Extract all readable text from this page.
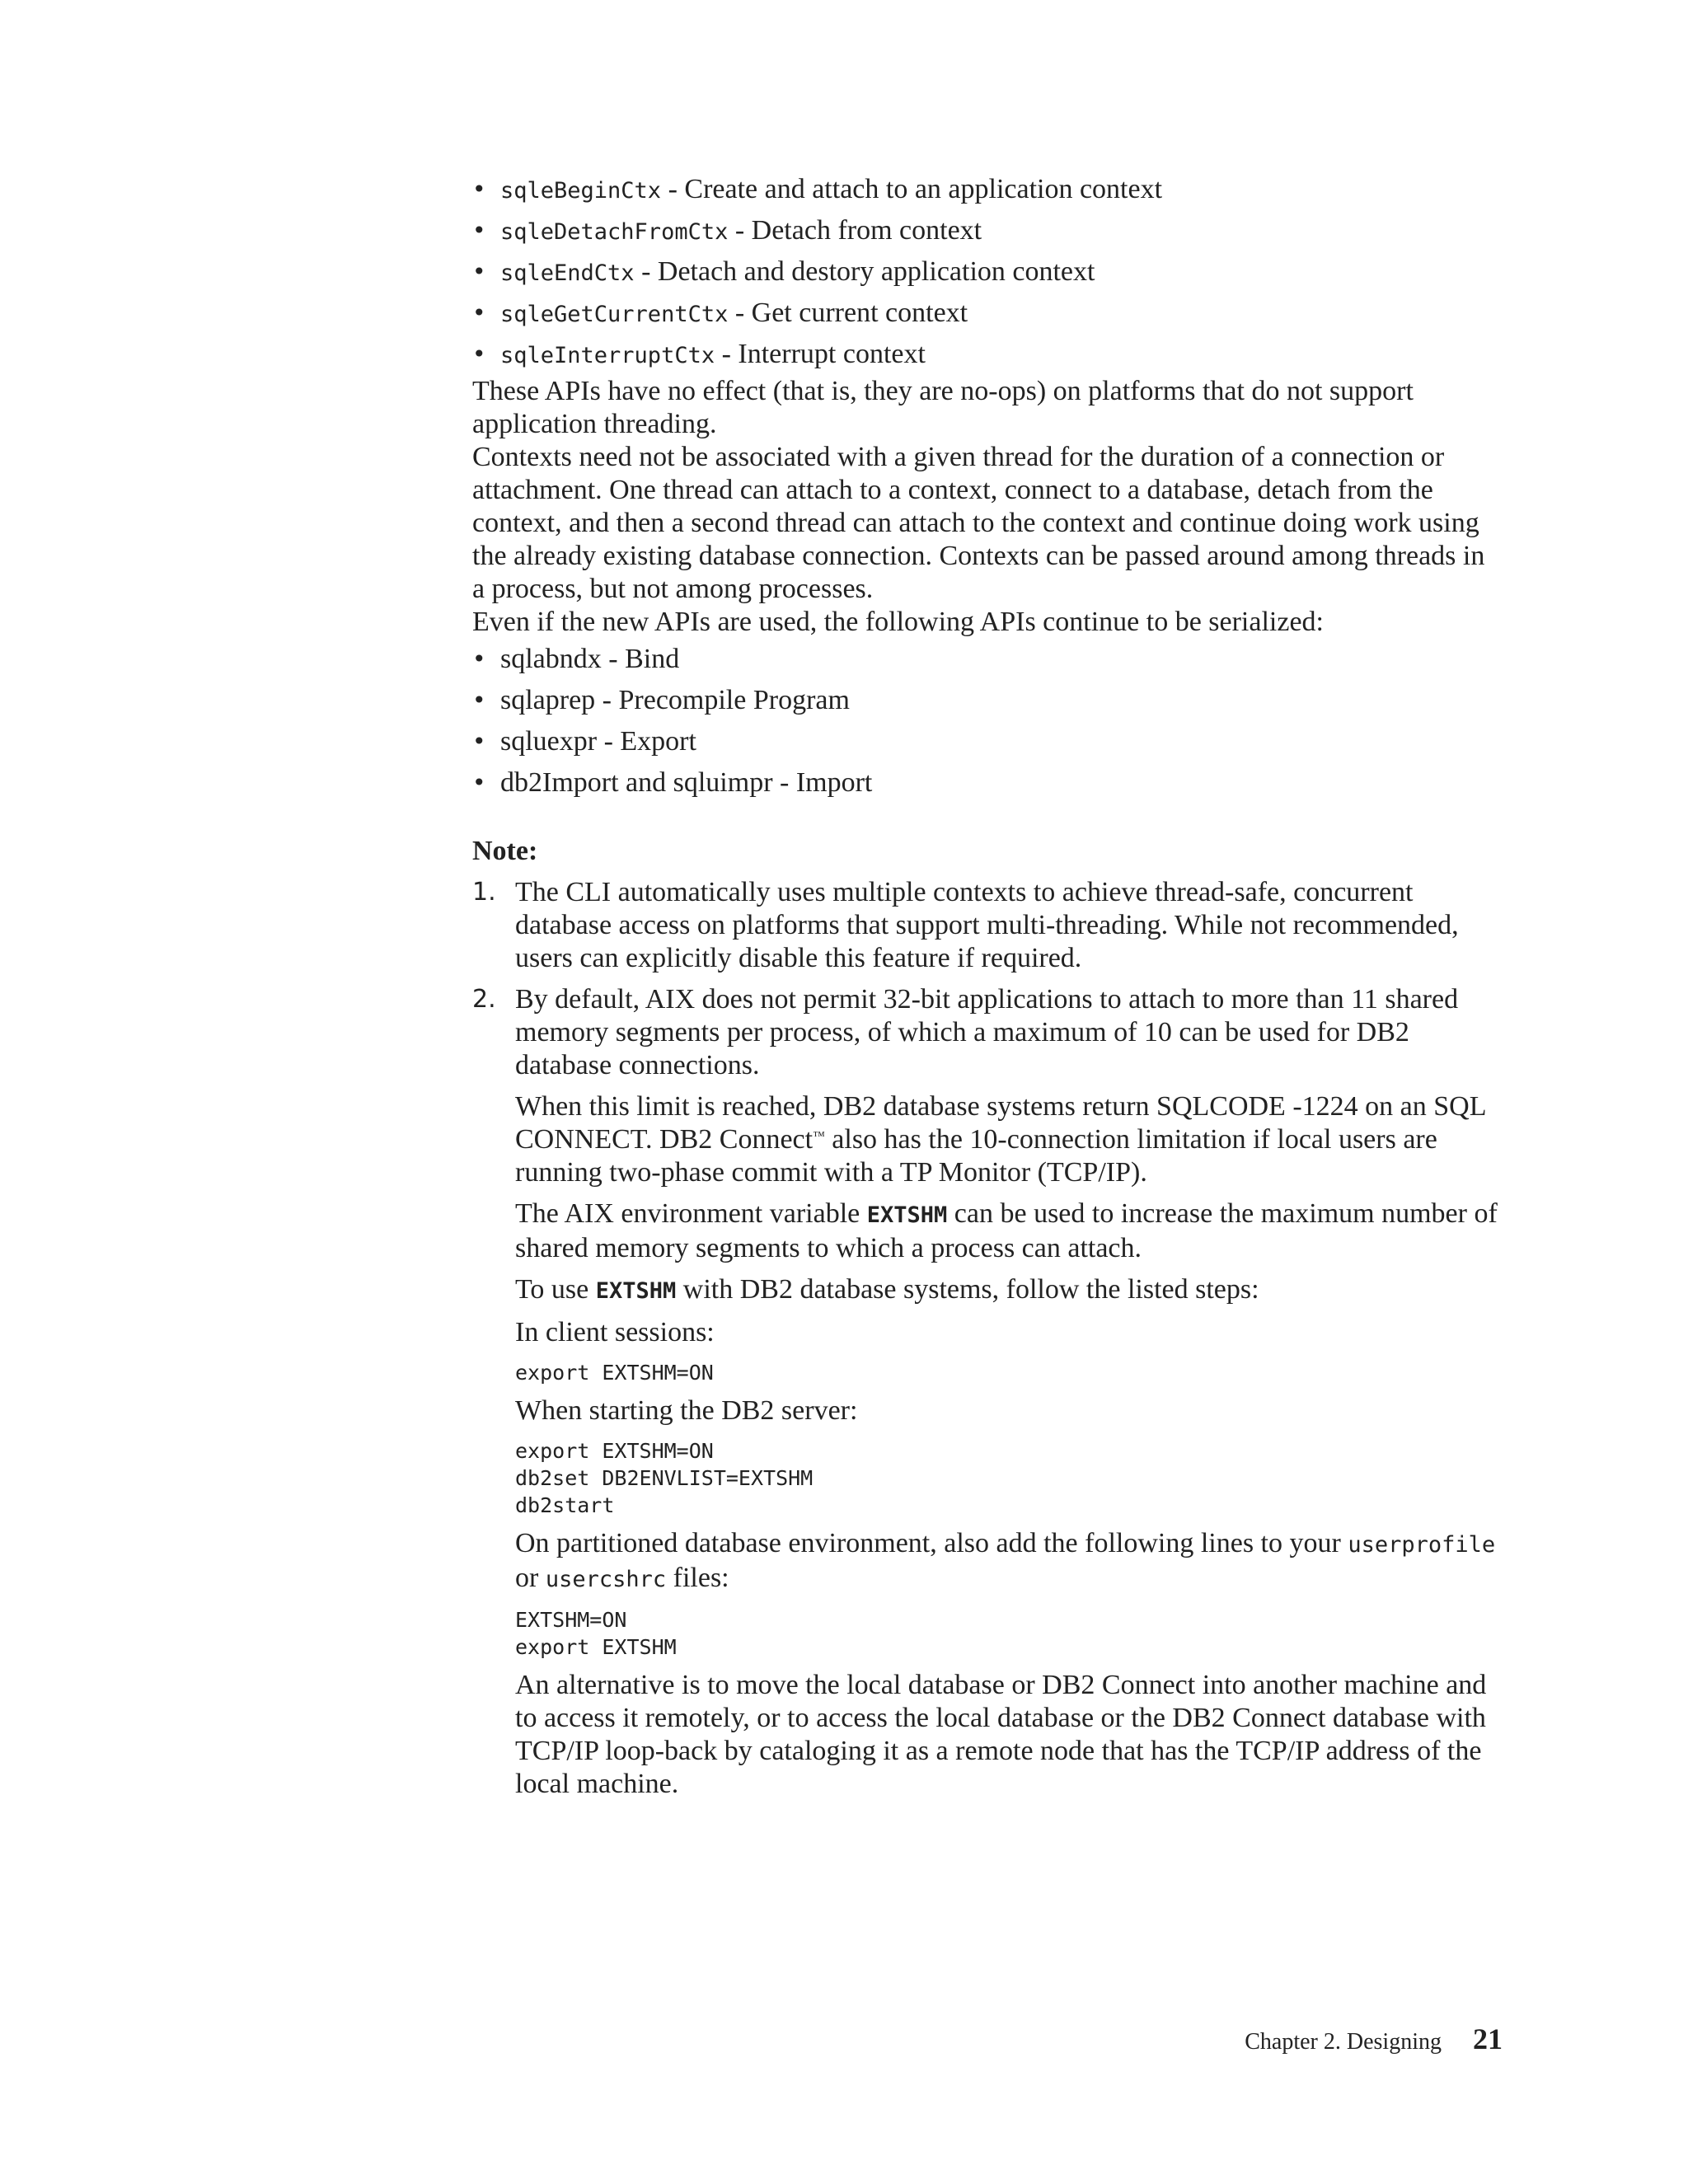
• sqleBeginCtx - Create and attach to an application context
• sqleDetachFromCtx - Detach from context
• sqleEndCtx - Detach and destory application context
• sqleGetCurrentCtx - Get current context
• sqleInterruptCtx - Interrupt context

These APIs have no effect (that is, they are no-ops) on platforms that do not support application threading.

Contexts need not be associated with a given thread for the duration of a connection or attachment. One thread can attach to a context, connect to a database, detach from the context, and then a second thread can attach to the context and continue doing work using the already existing database connection. Contexts can be passed around among threads in a process, but not among processes.

Even if the new APIs are used, the following APIs continue to be serialized:

• sqlabndx - Bind
• sqlaprep - Precompile Program
• sqluexpr - Export
• db2Import and sqluimpr - Import
Note:
1. The CLI automatically uses multiple contexts to achieve thread-safe, concurrent database access on platforms that support multi-threading. While not recommended, users can explicitly disable this feature if required.
2. By default, AIX does not permit 32-bit applications to attach to more than 11 shared memory segments per process, of which a maximum of 10 can be used for DB2 database connections.
When this limit is reached, DB2 database systems return SQLCODE -1224 on an SQL CONNECT. DB2 Connect™ also has the 10-connection limitation if local users are running two-phase commit with a TP Monitor (TCP/IP).
The AIX environment variable EXTSHM can be used to increase the maximum number of shared memory segments to which a process can attach.
To use EXTSHM with DB2 database systems, follow the listed steps:
In client sessions:
export EXTSHM=ON
When starting the DB2 server:
export EXTSHM=ON
db2set DB2ENVLIST=EXTSHM
db2start
On partitioned database environment, also add the following lines to your userprofile or usercshrc files:
EXTSHM=ON
export EXTSHM
An alternative is to move the local database or DB2 Connect into another machine and to access it remotely, or to access the local database or the DB2 Connect database with TCP/IP loop-back by cataloging it as a remote node that has the TCP/IP address of the local machine.
Chapter 2. Designing 21
